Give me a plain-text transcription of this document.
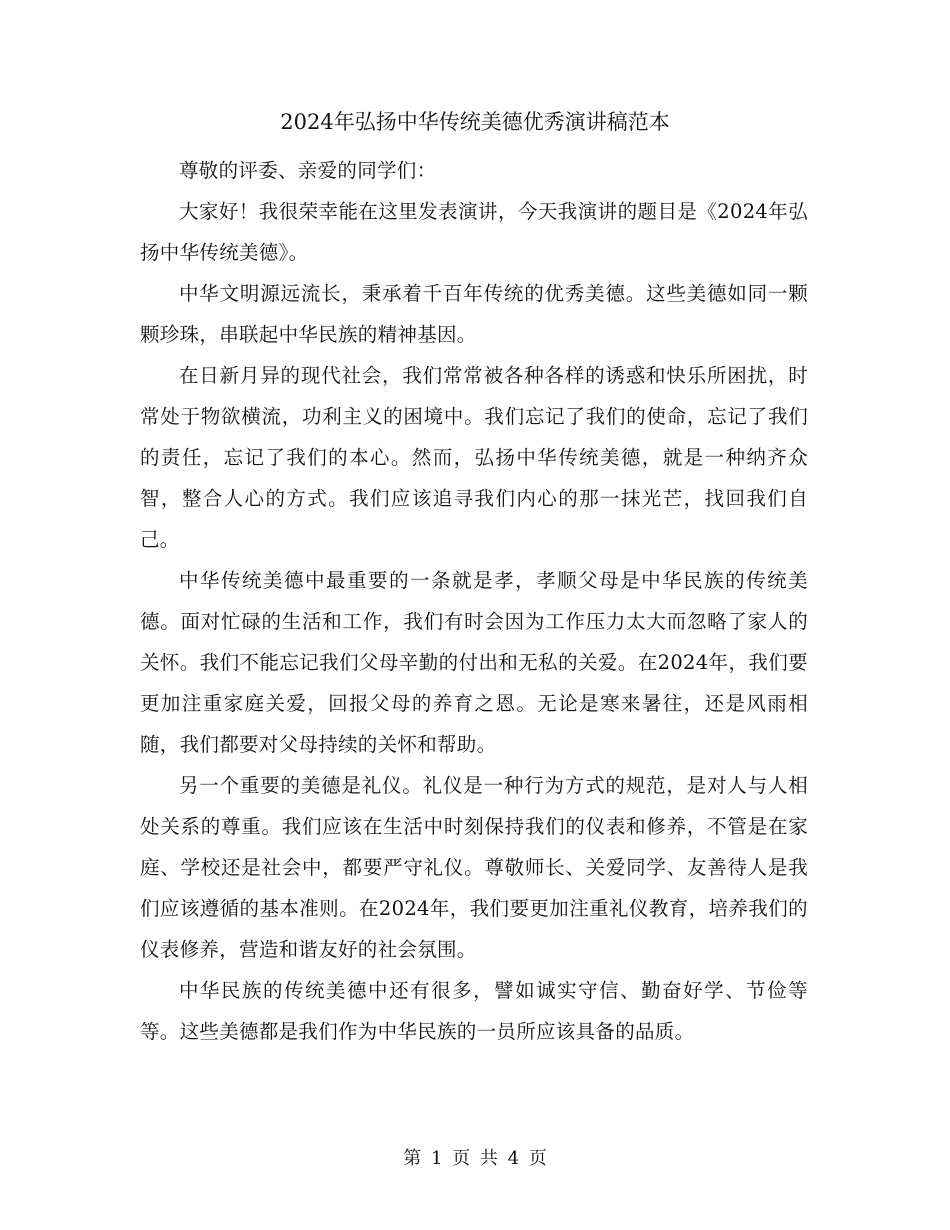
2024年弘扬中华传统美德优秀演讲稿范本

尊敬的评委、亲爱的同学们：

大家好！我很荣幸能在这里发表演讲，今天我演讲的题目是《2024年弘扬中华传统美德》。

中华文明源远流长，秉承着千百年传统的优秀美德。这些美德如同一颗颗珍珠，串联起中华民族的精神基因。

在日新月异的现代社会，我们常常被各种各样的诱惑和快乐所困扰，时常处于物欲横流，功利主义的困境中。我们忘记了我们的使命，忘记了我们的责任，忘记了我们的本心。然而，弘扬中华传统美德，就是一种纳齐众智，整合人心的方式。我们应该追寻我们内心的那一抹光芒，找回我们自己。

中华传统美德中最重要的一条就是孝，孝顺父母是中华民族的传统美德。面对忙碌的生活和工作，我们有时会因为工作压力太大而忽略了家人的关怀。我们不能忘记我们父母辛勤的付出和无私的关爱。在2024年，我们要更加注重家庭关爱，回报父母的养育之恩。无论是寒来暑往，还是风雨相随，我们都要对父母持续的关怀和帮助。

另一个重要的美德是礼仪。礼仪是一种行为方式的规范，是对人与人相处关系的尊重。我们应该在生活中时刻保持我们的仪表和修养，不管是在家庭、学校还是社会中，都要严守礼仪。尊敬师长、关爱同学、友善待人是我们应该遵循的基本准则。在2024年，我们要更加注重礼仪教育，培养我们的仪表修养，营造和谐友好的社会氛围。

中华民族的传统美德中还有很多，譬如诚实守信、勤奋好学、节俭等等。这些美德都是我们作为中华民族的一员所应该具备的品质。

第 1 页 共 4 页
